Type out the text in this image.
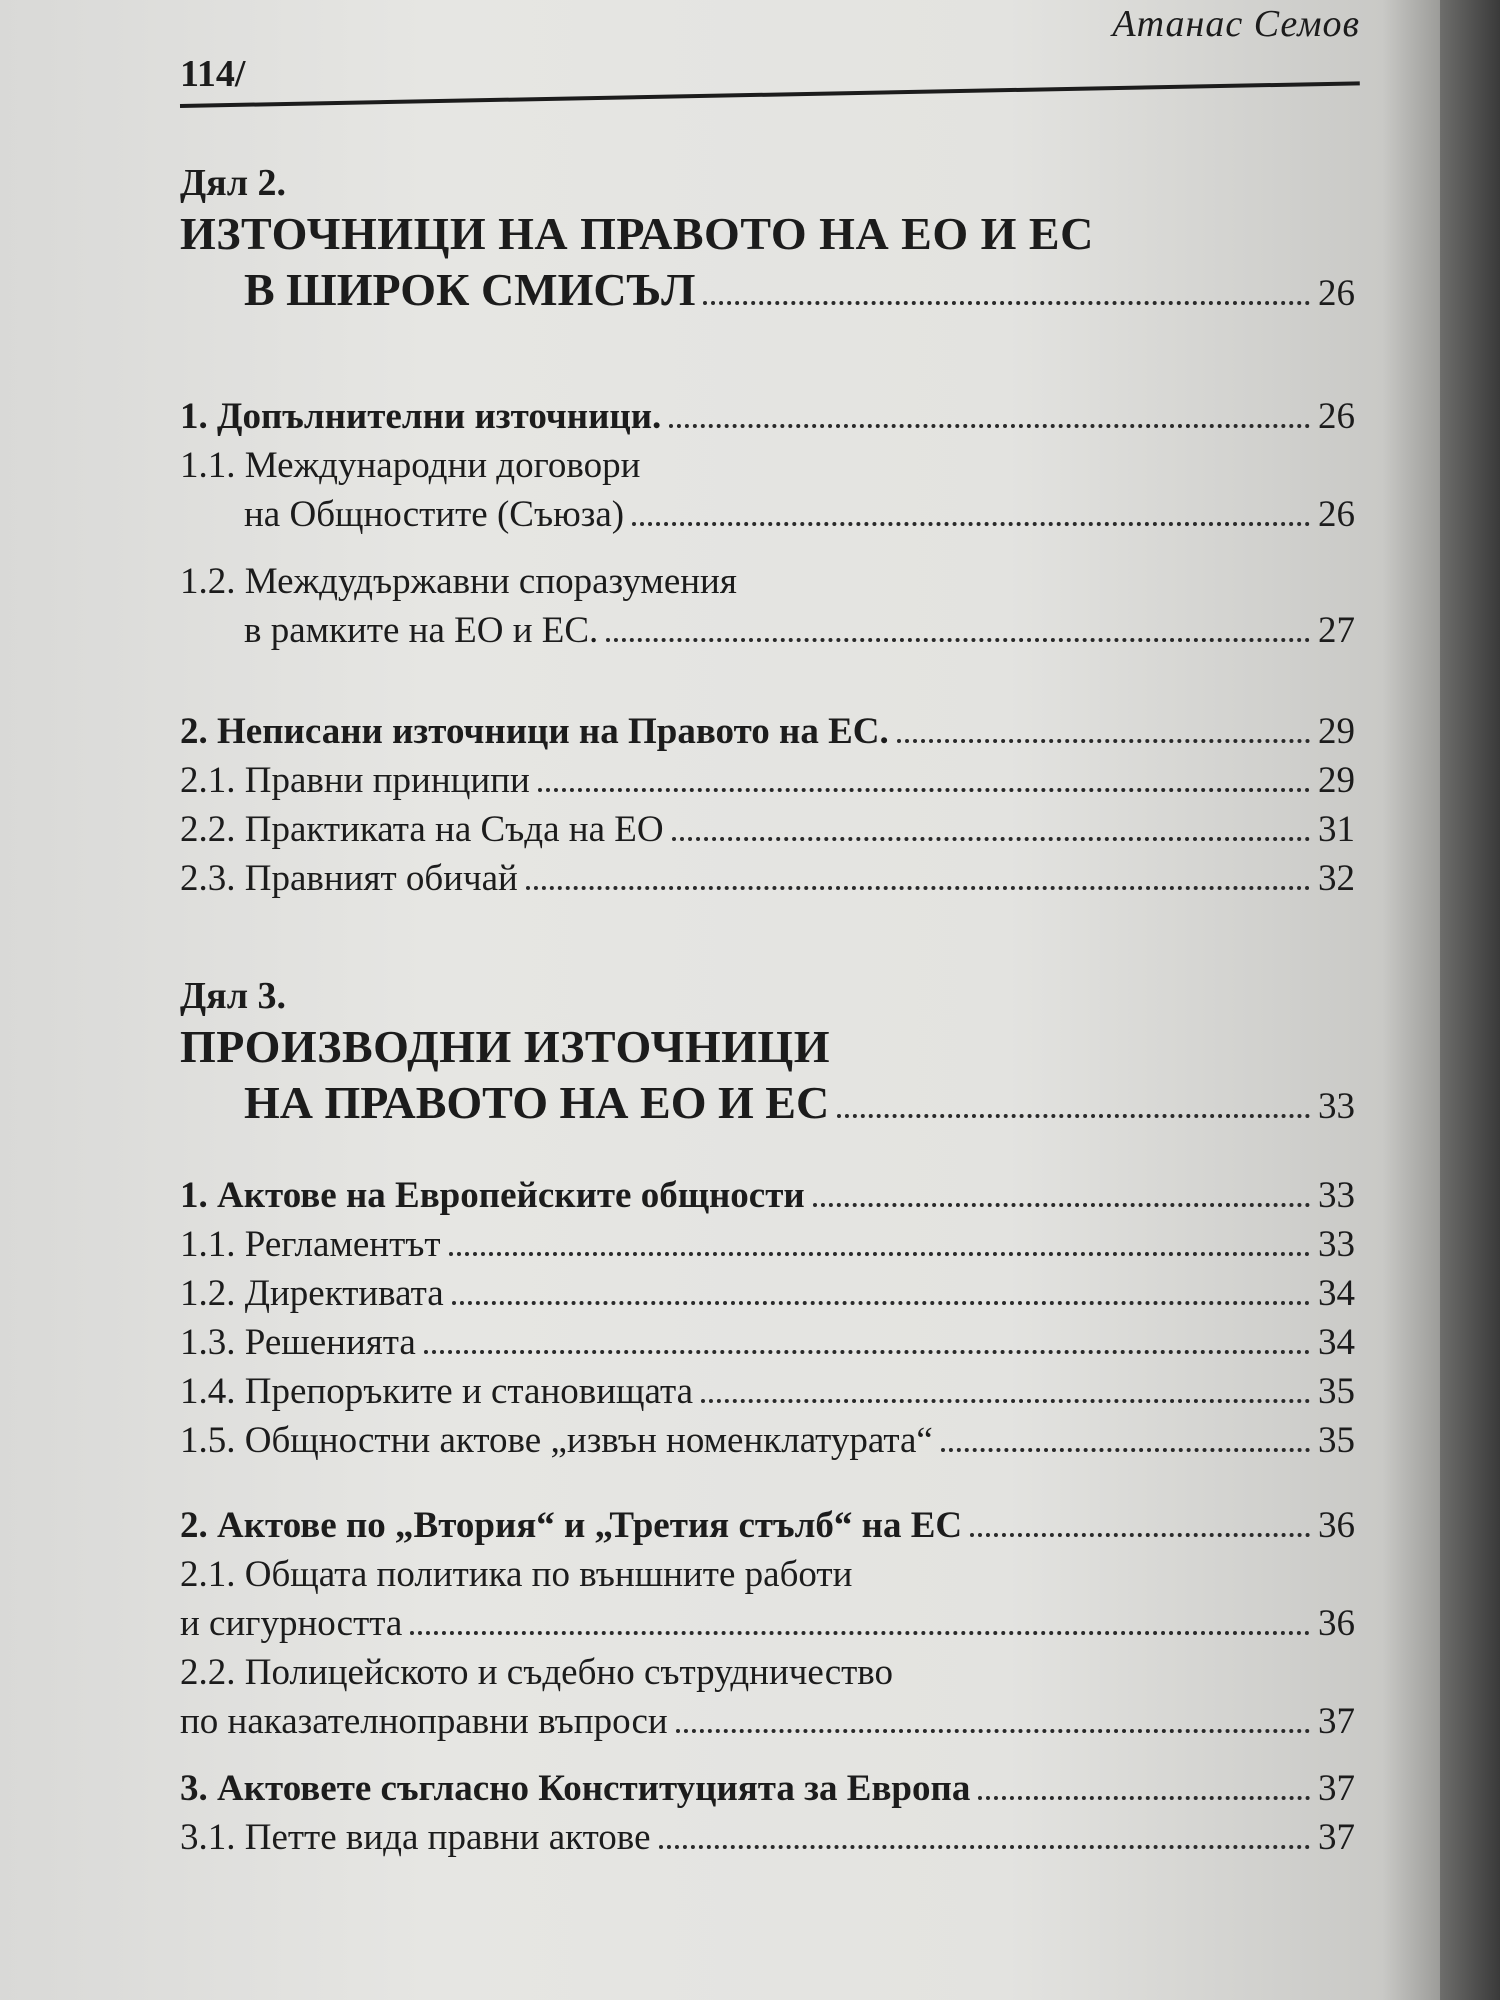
Атанас Семов
114/
Дял 2.
ИЗТОЧНИЦИ НА ПРАВОТО НА ЕО И ЕС
В ШИРОК СМИСЪЛ	26
1. Допълнителни източници.	26
1.1. Международни договори
на Общностите (Съюза)	26
1.2. Междудържавни споразумения
в рамките на ЕО и ЕС.	27
2. Неписани източници на Правото на ЕС.	29
2.1. Правни принципи	29
2.2. Практиката на Съда на ЕО	31
2.3. Правният обичай	32
Дял 3.
ПРОИЗВОДНИ ИЗТОЧНИЦИ
НА ПРАВОТО НА ЕО И ЕС	33
1. Актове на Европейските общности	33
1.1. Регламентът	33
1.2. Директивата	34
1.3. Решенията	34
1.4. Препоръките и становищата	35
1.5. Общностни актове „извън номенклатурата“	35
2. Актове по „Втория“ и „Третия стълб“ на ЕС	36
2.1. Общата политика по външните работи
и сигурността	36
2.2. Полицейското и съдебно сътрудничество
по наказателноправни въпроси	37
3. Актовете съгласно Конституцията за Европа	37
3.1. Петте вида правни актове	37
